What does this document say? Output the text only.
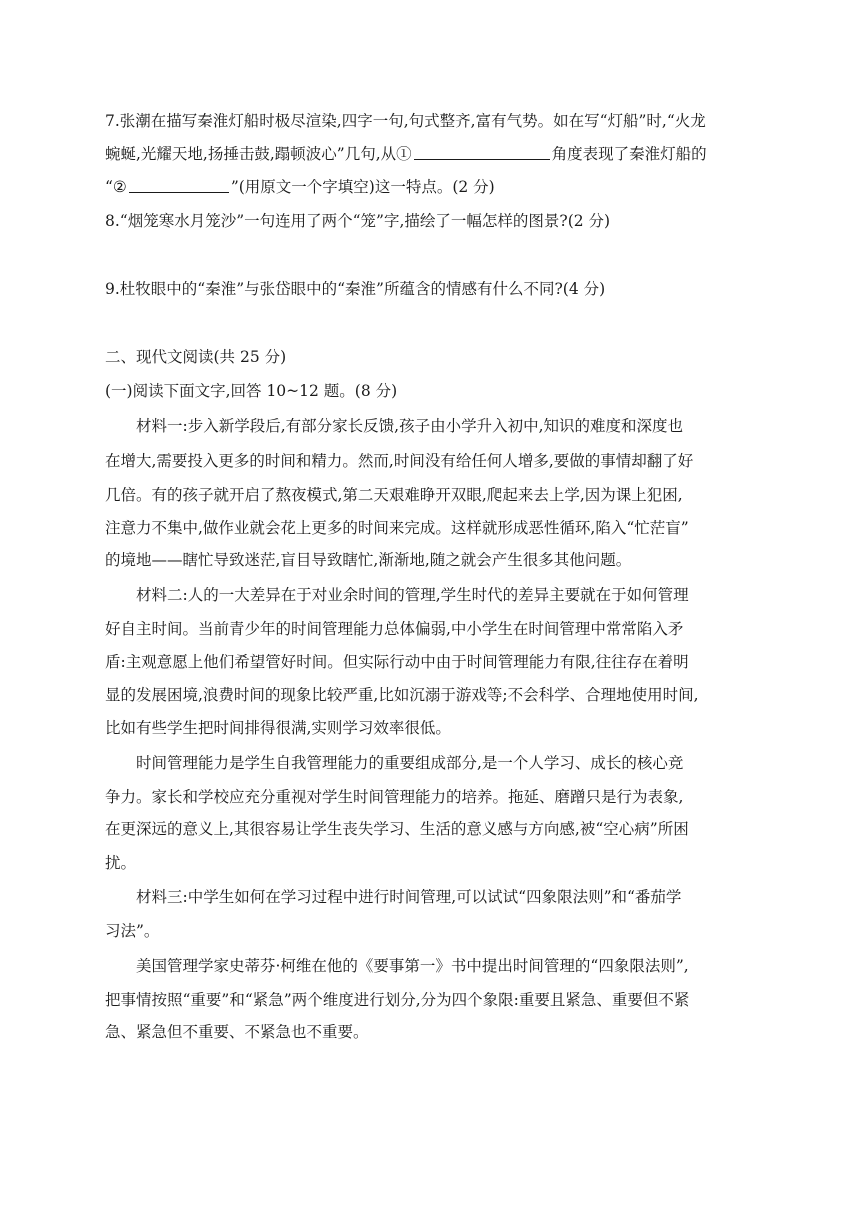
7.张潮在描写秦淮灯船时极尽渲染,四字一句,句式整齐,富有气势。如在写“灯船”时,“火龙
蜿蜒,光耀天地,扬捶击鼓,蹋顿波心”几句,从①	角度表现了秦淮灯船的
“②	”(用原文一个字填空)这一特点。(2 分)
8.“烟笼寒水月笼沙”一句连用了两个“笼”字,描绘了一幅怎样的图景?(2 分)
9.杜牧眼中的“秦淮”与张岱眼中的“秦淮”所蕴含的情感有什么不同?(4 分)
二、现代文阅读(共 25 分)
(一)阅读下面文字,回答 10~12 题。(8 分)
材料一:步入新学段后,有部分家长反馈,孩子由小学升入初中,知识的难度和深度也
在增大,需要投入更多的时间和精力。然而,时间没有给任何人增多,要做的事情却翻了好
几倍。有的孩子就开启了熬夜模式,第二天艰难睁开双眼,爬起来去上学,因为课上犯困,
注意力不集中,做作业就会花上更多的时间来完成。这样就形成恶性循环,陷入“忙茫盲”
的境地——瞎忙导致迷茫,盲目导致瞎忙,渐渐地,随之就会产生很多其他问题。
材料二:人的一大差异在于对业余时间的管理,学生时代的差异主要就在于如何管理
好自主时间。当前青少年的时间管理能力总体偏弱,中小学生在时间管理中常常陷入矛
盾:主观意愿上他们希望管好时间。但实际行动中由于时间管理能力有限,往往存在着明
显的发展困境,浪费时间的现象比较严重,比如沉溺于游戏等;不会科学、合理地使用时间,
比如有些学生把时间排得很满,实则学习效率很低。
时间管理能力是学生自我管理能力的重要组成部分,是一个人学习、成长的核心竞
争力。家长和学校应充分重视对学生时间管理能力的培养。拖延、磨蹭只是行为表象,
在更深远的意义上,其很容易让学生丧失学习、生活的意义感与方向感,被“空心病”所困
扰。
材料三:中学生如何在学习过程中进行时间管理,可以试试“四象限法则”和“番茄学
习法”。
美国管理学家史蒂芬·柯维在他的《要事第一》书中提出时间管理的“四象限法则”,
把事情按照“重要”和“紧急”两个维度进行划分,分为四个象限:重要且紧急、重要但不紧
急、紧急但不重要、不紧急也不重要。
